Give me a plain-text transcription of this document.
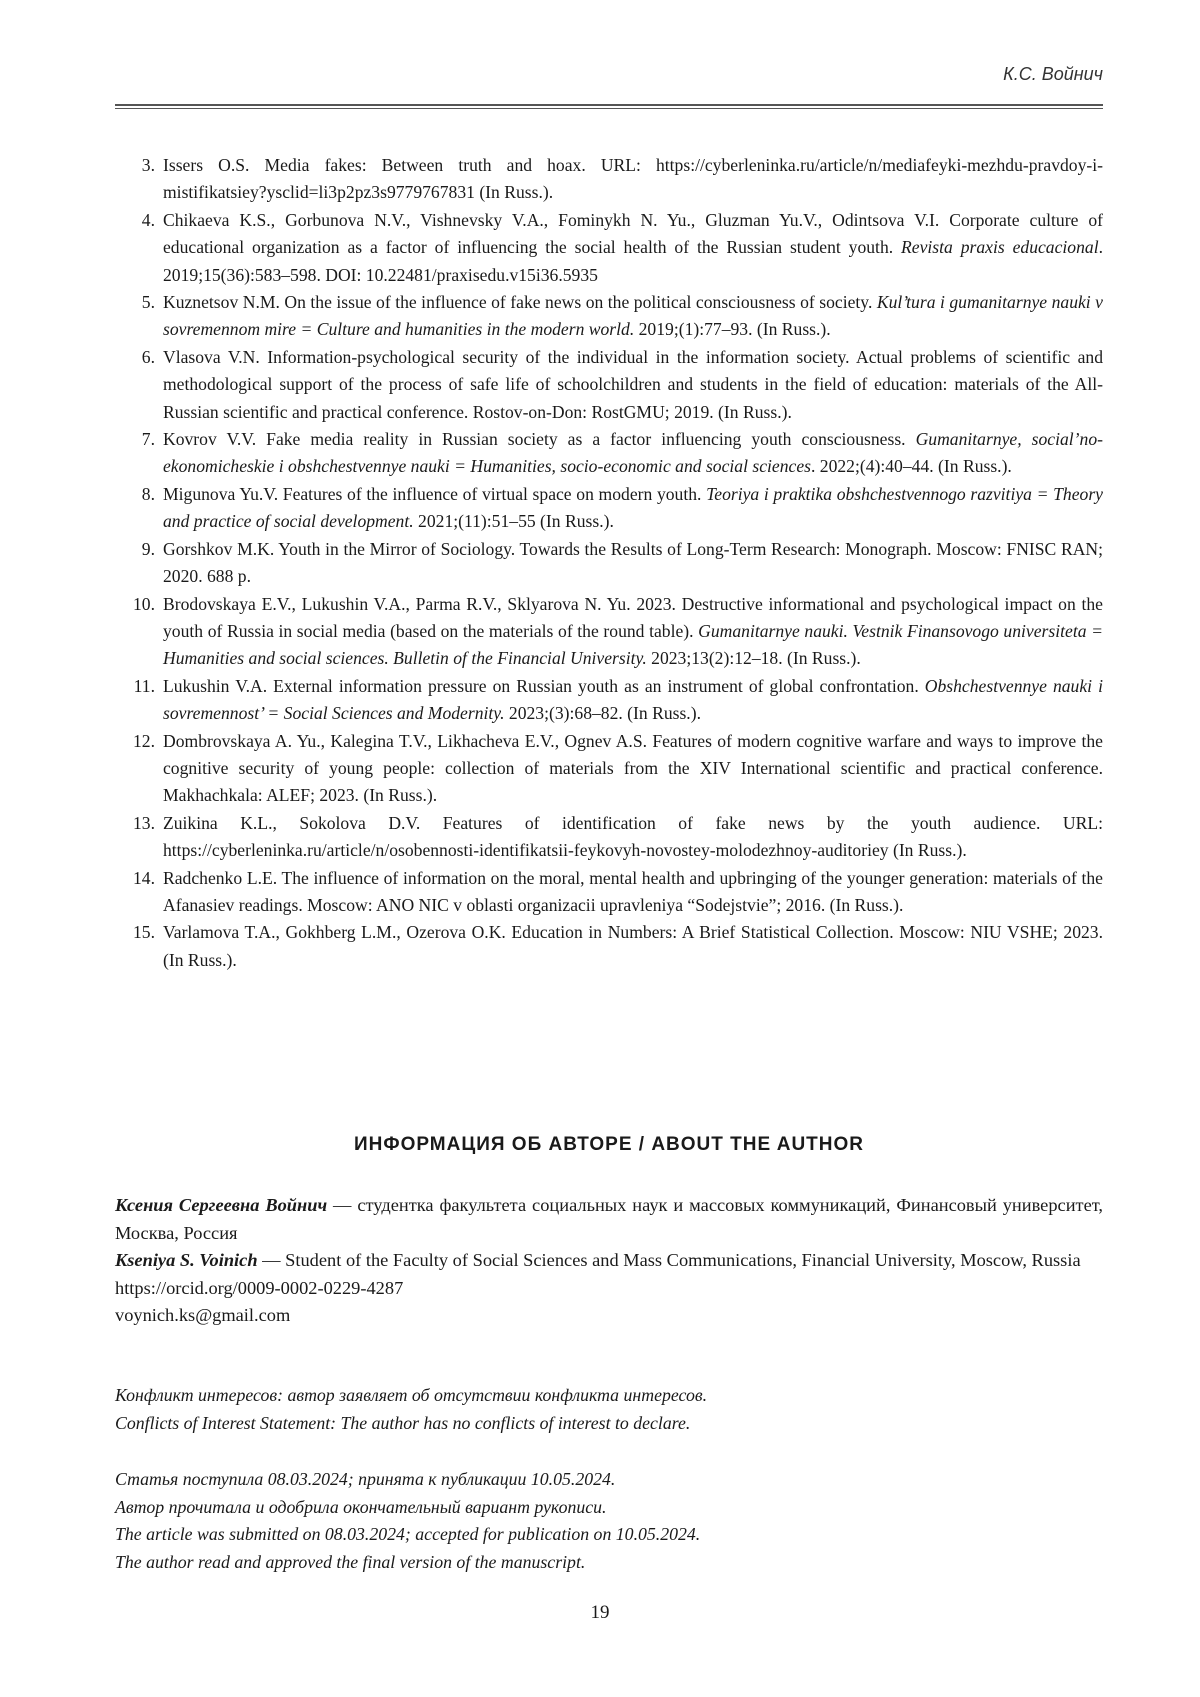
К.С. Войнич
3. Issers O.S. Media fakes: Between truth and hoax. URL: https://cyberleninka.ru/article/n/mediafeyki-mezhdu-pravdoy-i-mistifikatsiey?ysclid=li3p2pz3s9779767831 (In Russ.).
4. Chikaeva K.S., Gorbunova N.V., Vishnevsky V.A., Fominykh N. Yu., Gluzman Yu.V., Odintsova V.I. Corporate culture of educational organization as a factor of influencing the social health of the Russian student youth. Revista praxis educacional. 2019;15(36):583–598. DOI: 10.22481/praxisedu.v15i36.5935
5. Kuznetsov N.M. On the issue of the influence of fake news on the political consciousness of society. Kul’tura i gumanitarnye nauki v sovremennom mire = Culture and humanities in the modern world. 2019;(1):77–93. (In Russ.).
6. Vlasova V.N. Information-psychological security of the individual in the information society. Actual problems of scientific and methodological support of the process of safe life of schoolchildren and students in the field of education: materials of the All-Russian scientific and practical conference. Rostov-on-Don: RostGMU; 2019. (In Russ.).
7. Kovrov V.V. Fake media reality in Russian society as a factor influencing youth consciousness. Gumanitarnye, social’no-ekonomicheskie i obshchestvennye nauki = Humanities, socio-economic and social sciences. 2022;(4):40–44. (In Russ.).
8. Migunova Yu.V. Features of the influence of virtual space on modern youth. Teoriya i praktika obshchestvennogo razvitiya = Theory and practice of social development. 2021;(11):51–55 (In Russ.).
9. Gorshkov M.K. Youth in the Mirror of Sociology. Towards the Results of Long-Term Research: Monograph. Moscow: FNISC RAN; 2020. 688 p.
10. Brodovskaya E.V., Lukushin V.A., Parma R.V., Sklyarova N. Yu. 2023. Destructive informational and psychological impact on the youth of Russia in social media (based on the materials of the round table). Gumanitarnye nauki. Vestnik Finansovogo universiteta = Humanities and social sciences. Bulletin of the Financial University. 2023;13(2):12–18. (In Russ.).
11. Lukushin V.A. External information pressure on Russian youth as an instrument of global confrontation. Obshchestvennye nauki i sovremennost’ = Social Sciences and Modernity. 2023;(3):68–82. (In Russ.).
12. Dombrovskaya A. Yu., Kalegina T.V., Likhacheva E.V., Ognev A.S. Features of modern cognitive warfare and ways to improve the cognitive security of young people: collection of materials from the XIV International scientific and practical conference. Makhachkala: ALEF; 2023. (In Russ.).
13. Zuikina K.L., Sokolova D.V. Features of identification of fake news by the youth audience. URL: https://cyberleninka.ru/article/n/osobennosti-identifikatsii-feykovyh-novostey-molodezhnoy-auditoriey (In Russ.).
14. Radchenko L.E. The influence of information on the moral, mental health and upbringing of the younger generation: materials of the Afanasiev readings. Moscow: ANO NIC v oblasti organizacii upravleniya “Sodejstvie”; 2016. (In Russ.).
15. Varlamova T.A., Gokhberg L.M., Ozerova O.K. Education in Numbers: A Brief Statistical Collection. Moscow: NIU VSHE; 2023. (In Russ.).
ИНФОРМАЦИЯ ОБ АВТОРЕ / ABOUT THE AUTHOR

Ксения Сергеевна Войнич — студентка факультета социальных наук и массовых коммуникаций, Финансовый университет, Москва, Россия

Kseniya S. Voinich — Student of the Faculty of Social Sciences and Mass Communications, Financial University, Moscow, Russia

https://orcid.org/0009-0002-0229-4287

voynich.ks@gmail.com

Конфликт интересов: автор заявляет об отсутствии конфликта интересов.

Conflicts of Interest Statement: The author has no conflicts of interest to declare.

Статья поступила 08.03.2024; принята к публикации 10.05.2024.

Автор прочитала и одобрила окончательный вариант рукописи.

The article was submitted on 08.03.2024; accepted for publication on 10.05.2024.

The author read and approved the final version of the manuscript.

19
